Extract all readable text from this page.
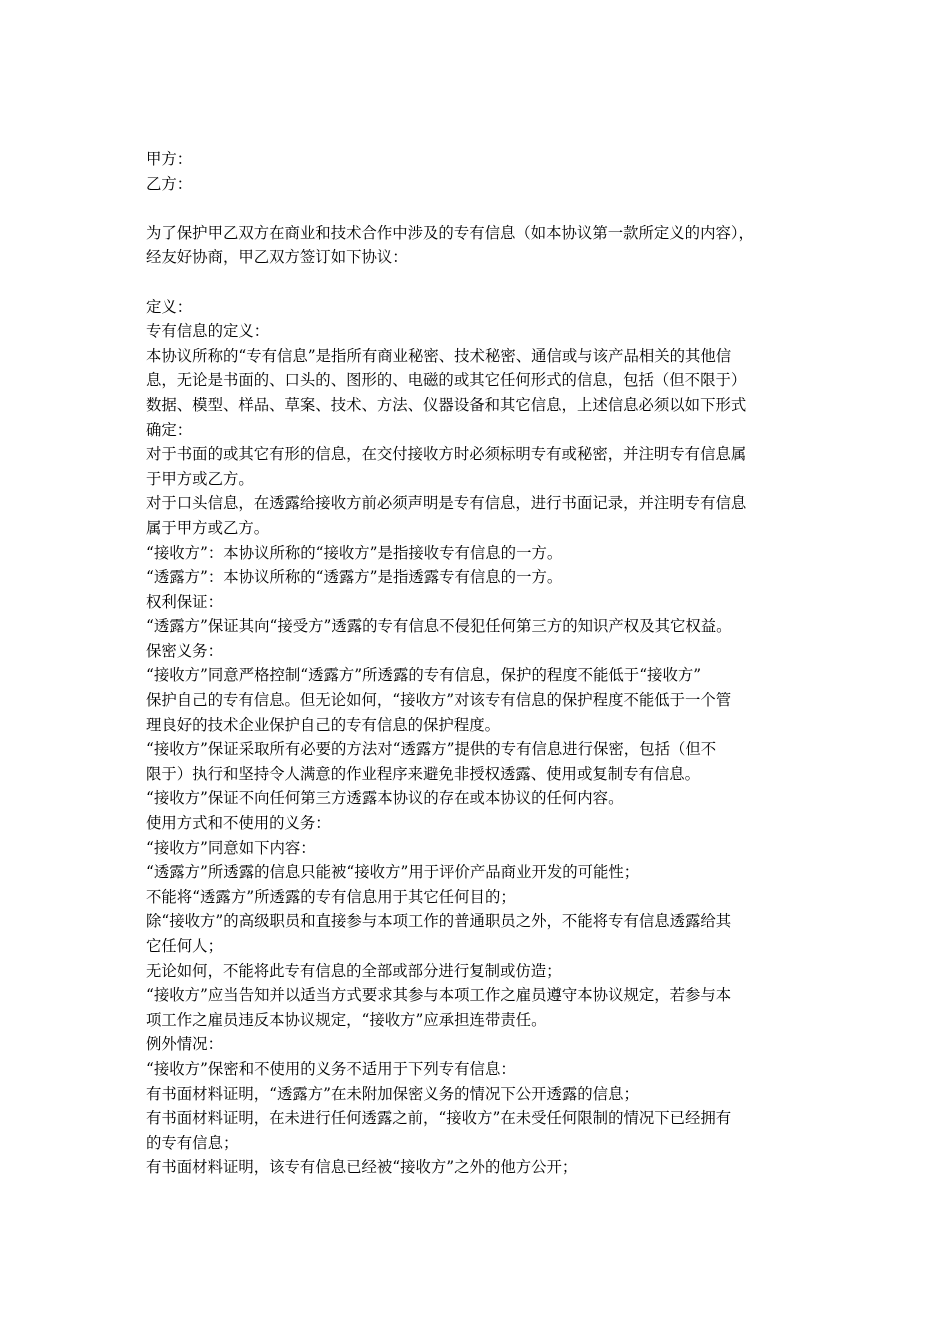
甲方：
乙方：
为了保护甲乙双方在商业和技术合作中涉及的专有信息（如本协议第一款所定义的内容），
经友好协商，甲乙双方签订如下协议：
定义：
专有信息的定义：
本协议所称的“专有信息”是指所有商业秘密、技术秘密、通信或与该产品相关的其他信
息，无论是书面的、口头的、图形的、电磁的或其它任何形式的信息，包括（但不限于）
数据、模型、样品、草案、技术、方法、仪器设备和其它信息，上述信息必须以如下形式
确定：
对于书面的或其它有形的信息，在交付接收方时必须标明专有或秘密，并注明专有信息属
于甲方或乙方。
对于口头信息，在透露给接收方前必须声明是专有信息，进行书面记录，并注明专有信息
属于甲方或乙方。
“接收方”：本协议所称的“接收方”是指接收专有信息的一方。
“透露方”：本协议所称的“透露方”是指透露专有信息的一方。
权利保证：
“透露方”保证其向“接受方”透露的专有信息不侵犯任何第三方的知识产权及其它权益。
保密义务：
“接收方”同意严格控制“透露方”所透露的专有信息，保护的程度不能低于“接收方”
保护自己的专有信息。但无论如何，“接收方”对该专有信息的保护程度不能低于一个管
理良好的技术企业保护自己的专有信息的保护程度。
“接收方”保证采取所有必要的方法对“透露方”提供的专有信息进行保密，包括（但不
限于）执行和坚持令人满意的作业程序来避免非授权透露、使用或复制专有信息。
“接收方”保证不向任何第三方透露本协议的存在或本协议的任何内容。
使用方式和不使用的义务：
“接收方”同意如下内容：
“透露方”所透露的信息只能被“接收方”用于评价产品商业开发的可能性；
不能将“透露方”所透露的专有信息用于其它任何目的；
除“接收方”的高级职员和直接参与本项工作的普通职员之外，不能将专有信息透露给其
它任何人；
无论如何，不能将此专有信息的全部或部分进行复制或仿造；
“接收方”应当告知并以适当方式要求其参与本项工作之雇员遵守本协议规定，若参与本
项工作之雇员违反本协议规定，“接收方”应承担连带责任。
例外情况：
“接收方”保密和不使用的义务不适用于下列专有信息：
有书面材料证明，“透露方”在未附加保密义务的情况下公开透露的信息；
有书面材料证明，在未进行任何透露之前，“接收方”在未受任何限制的情况下已经拥有
的专有信息；
有书面材料证明，该专有信息已经被“接收方”之外的他方公开；
